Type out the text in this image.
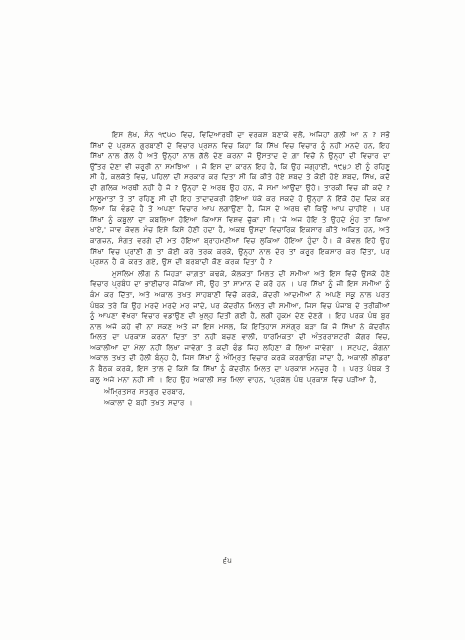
ਇਸ ਲੇਖ, ਸੰਨ ੧੯੫੦ ਵਿਚ, ਵਿਦਿਆਰਥੀ ਦਾ ਵਰਕਸ਼ ਬਣਾਕੇ ਵਲੋਂ, ਅਜਿਹਾਂ ਗਲੀ ਆ ਨ ? ਸਭੋ ਸਿੱਖਾਂ ਦੇ ਪ੍ਰਸ਼ਨ ਗੁਰਬਾਣੀ ਦੇ ਵਿਚਾਰ ਪ੍ਰਸ਼ਨ ਵਿਚ ਕਿਹਾ ਕਿ ਸਿੱਖ ਵਿਚ ਵਿਚਾਰ ਨੂੰ ਨਹੀਂ ਮਨਦੇ ਹਨ, ਇਹ ਸਿੱਖਾਂ ਨਾਲ ਗੱਲ ਹੈ ਅਤੇ ਉਨ੍ਹਾਂ ਨਾਲ ਗੱਲੋ ਦੇਣ ਕਰਨਾ ਜੋ ਉਸਤਾਦ ਦੇ ਗ਼ਾ ਵਿਚੋਂ ਨੇ ਉਨ੍ਹਾਂ ਦੀ ਵਿਚਾਰ ਦਾ ਉੱਤਰ ਦੇਣਾ ਵੀ ਜ਼ਰੂਰੀ ਨਾ ਸਮਝਿਆ । ਜੋ ਇਸ ਦਾ ਕਾਰਨ ਇਹ ਹੈ, ਕਿ ਉਹ ਜਗ੍ਹਾਈ, ੧੯੪੭ ਈ ਨੂੰ ਰਹਿਣੂ ਸੀ ਹੈ, ਕਲਕੱਤੇ ਵਿਚ, ਪਹਿਲਾਂ ਦੀ ਸਰਕਾਰ ਕਰ ਦਿਤਾ ਸੀ ਕਿ ਕੀਤੇ ਹੋਏ ਸ਼ਬਦ ਤੇ ਕੋਈ ਹੋਏ ਸ਼ਬਦ, ਸਿੱਖ, ਕਦੋ ਦੀ ਗਲਿਕ ਅਰਥੀ ਨਹੀਂ ਹੈ ਜੋ ? ਉਨ੍ਹਾਂ ਦੇ ਅਰਥ ਉਹ ਹਨ, ਜੋ ਸਮਾਂ ਆਉਂਦਾ ਉਹੋ। ਤਾਰਕੀ ਵਿਚ ਕੀਂ ਕਦੇ ? ਮਾਲੂਮਾਤਾਂ ਤੇ ਤਾਂ ਰਹਿਣੂ ਸੀ ਦੀ ਇਹ ਤਾਦਾਦਕਰੀ ਹੋਇਆ ਪੱਕੇ ਕਰ ਸਕਦੇ ਹੋ ਉਨ੍ਹਾਂ ਨੇ ਇੱਕੋ ਹੱਦ ਦਿਕ ਕਰ ਲਿਆ ਕਿ ਵੰਡਦੇ ਹੈ ਤੇ ਅਪਣਾ ਵਿਚਾਰ ਆਪ ਲਗਾਉਣਾ ਹੈ, ਜਿਸ ਦੇ ਅਰਥ ਵੀ ਕਿਉਂ ਆਪ ਚਾਹੀਏ । ਪਰ ਸਿੱਖਾਂ ਨੂੰ ਕਬੂਲਾਂ ਦਾ ਕਬਲਿਆ ਹੋਇਆ ਕਿਆਸ ਵਿਸ਼ਵ ਚੁੱਕਾ ਸੀ। 'ਜੇ ਅਜ ਹੋਇ ਤੇ ਉਹਦੇ ਮੂੰਹ ਤਾਂ ਕਿਆ ਖਾਏ,' ਜਾਵ ਕੇਵਲ ਮੰਚ ਇਸੇ ਕਿਸੇ ਹੋਣੀ ਹਦਾ ਹੈ, ਅਕਥ ਉਸਦਾ ਵਿਚਾਰਿਕ ਇਕਸਾਰ ਕੀਤੇ ਅਕਿਤ ਹਨ, ਅਤੇ ਕਾਗਜ਼ਨ, ਸੰਗਤ ਵਰਗੇ ਦੀ ਮਤ ਹੋਇਆ ਬ੍ਰਾਹਮਣੀਆਂ ਵਿਚ ਲੁਕਿਆ ਹੋਇਆ ਹੁੰਦਾ ਹੈ। ਕੋ ਕੇਵਲ ਇਹੋ ਉਹ ਸਿੱਖਾਂ ਵਿਚ ਪ੍ਰਾਂਣੀ ਗੱ ਤਾਂ ਕੋਈ ਕਰੇ ਤਰਕ ਕਰਕੇ, ਉਨ੍ਹਾਂ ਨਾਲ ਦੇਰ ਤਾਂ ਕਰੂਰ ਇਕਸਾਰ ਕਰ ਦਿੱਤਾ, ਪਰ ਪ੍ਰਸ਼ਨ ਹੈ ਕੇ ਕਰਤ ਗਏ, ਉਸ ਦੀ ਬਰਬਾਦੀ ਕੌਣ ਕਰਕ ਦਿਤਾ ਹੈ ?

ਮੁਸਲਿਮ ਲੀਗ ਨੇ ਜਿਹੜਾ ਜ਼ਾਗ਼ਤਾ ਕਢਕੇ, ਕੋਲਕਤਾ ਮਿਲਤ ਦੀ ਸਮੀਆ ਅਤੇ ਇਸ ਵਿਚੋਂ ਉਸਕੇ ਹੋਣੇ ਵਿਚਾਰ ਪ੍ਰਬੰਧ ਦਾ ਭਾਈਚਾਰ ਜੋਕਿਆ ਸੀ, ਉਹ ਤਾਂ ਸਾਮਾਨ ਦੇ ਕਰੋ ਹਨ । ਪਰ ਸਿੱਖਾਂ ਨੂੰ ਜੀ ਇਸ ਸਮੀਆ ਨੂੰ ਕੰਮ ਕਰ ਦਿੱਤਾ, ਅਤੇ ਅਕਾਲ ਤਖਤ ਸਾਹਬਾਣੀ ਵਿਚੋਂ ਕਰਕੇ, ਕੇਂਦਰੀ ਆਦਮੀਆਂ ਨੇ ਅਪਣੇ ਸਕੂ ਨਾਲ ਪਰਤ ਪੰਥਕ ਤਰੇ ਕਿ ਉਹ ਮਰਦੇ ਮਰਦੇ ਮਰ ਜਾਂਦੇ, ਪਰ ਕੇਂਦਰੀਨ ਮਿਲਤ ਦੀ ਸਮੀਆ, ਜਿਸ ਵਿਚ ਪੰਜਾਬ ਦੇ ਤਰੀਕੀਆਂ ਨੂੰ ਆਪਣਾ ਵੱਖਰਾ ਵਿਚਾਰ ਵਡਾਉਣ ਦੀ ਖੁਲ੍ਹ ਦਿਤੀ ਗਈ ਹੈ, ਲਗੀ ਹੁਕਮ ਦੇਣ ਦੇਣਗੇ । ਇਹ ਪਰਕ ਪੰਥ ਬੁਰ ਨਾਲ ਅਜੇ ਕਹੇ ਵੀ ਨਾ ਸਕਣ ਅਤੇ ਜਾਂ ਇਸ ਮਸਲ, ਕਿ ਇਤਿਹਾਸ ਸਮੱਗ੍ਰ ਬੜਾ ਕਿ ਜੋ ਸਿੱਖਾਂ ਨੇ ਕੇਂਦਰੀਨ ਮਿਲਤ ਦਾ ਪਰਕਾਸ਼ ਕਰਨਾ ਦਿਤਾ ਤਾਂ ਨਹੀਂ ਬਚਣ ਵਾਲੀ, ਧਾਰਮਿਕਤਾ ਦੀ ਅੰਤਰਰਾਸ਼ਟਰੀ ਕੋਂਗਰ ਵਿਚ, ਅਕਾਲੀਆਂ ਦਾ ਮੇਲਾ ਨਹੀਂ ਲਿਖਾ ਜਾਵੇਗਾ ਤੇ ਕਦੀ ਫੰਡ ਜਿਹ ਲਹਿਣਾ ਕੋਂ ਲਿਆ ਜਾਵੇਗਾ । ਸਟਪਟ, ਕੰਗਨਾ ਅਕਾਲ ਤਖਤ ਦੀ ਹੋਲੀ ਬੰਨ੍ਹ ਹੈ, ਜਿਸ ਸਿੱਖਾਂ ਨੂੰ ਅੰਮ੍ਰਿਤ ਵਿਚਾਰ ਕਰਕੇ ਕਰਗਾਓਗ ਜਾਂਦਾ ਹੈ, ਅਕਾਲੀ ਲੀਡਰਾਂ ਨੇ ਬੈਠਕ ਕਰਕੇ, ਇਸ ਤਾਲ ਦੇ ਕਿਸੇ ਕਿ ਸਿੱਖਾਂ ਨੂੰ ਕੇਂਦਰੀਨ ਮਿਲਤ ਦਾ ਪਰਕਾਸ਼ ਮਨਜ਼ੂਰ ਹੈ । ਪਰਤ ਪੰਥਕ ਤੇ ਕਲੂ ਅਜੇ ਮਨਾ ਨਹੀਂ ਸੀ । ਇਹ ਉਹ ਅਕਾਲੀ ਸਭ ਮਿਲਾ ਵਾਹਨ, 'ਪ੍ਰਕੱਲ ਪੰਥ ਪ੍ਰਕਾਸ਼ ਵਿਚ ਪੜੀਆ ਹੈ,

ਅੰਮ੍ਰਿਤਸਰ ਸਤਗੁਰ ਦਰਬਾਰ,
ਅਕਾਲਾਂ ਦੇ ਬਹੀ ਤਖਤ ਸਦਾਰ ।
੬੫
